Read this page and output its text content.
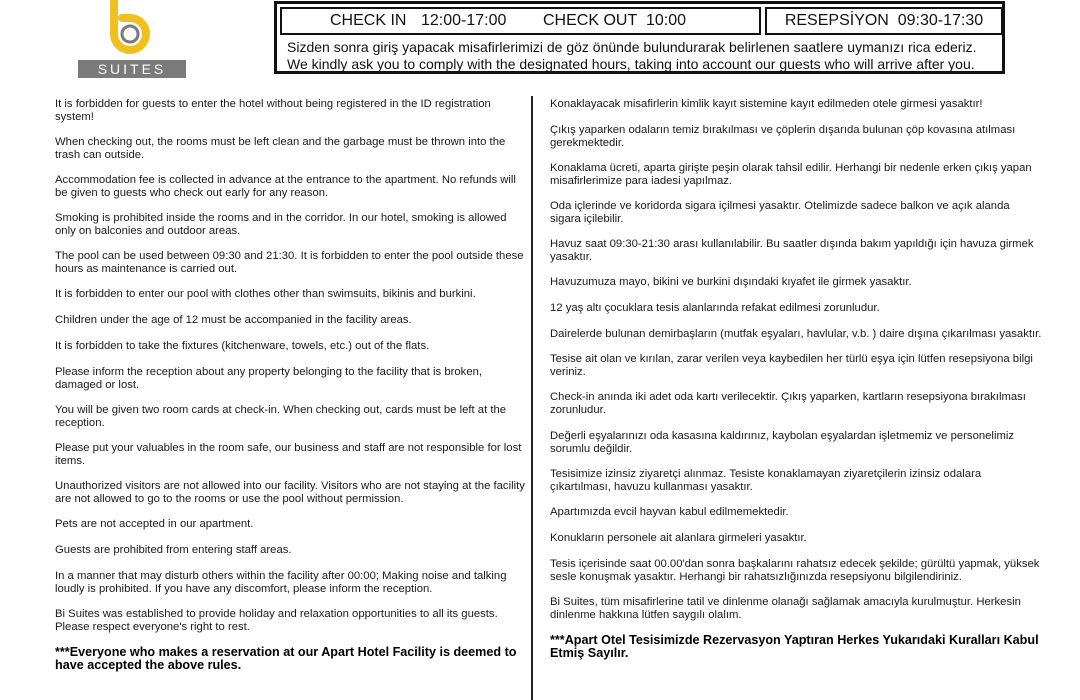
SUITES
CHECK IN 12:00-17:00 CHECK OUT 10:00	RESEPSİYON 09:30-17:30
Sizden sonra giriş yapacak misafirlerimizi de göz önünde bulundurarak belirlenen saatlere uymanızı rica ederiz.
We kindly ask you to comply with the designated hours, taking into account our guests who will arrive after you.

It is forbidden for guests to enter the hotel without being registered in the ID registration system!

When checking out, the rooms must be left clean and the garbage must be thrown into the trash can outside.

Accommodation fee is collected in advance at the entrance to the apartment. No refunds will be given to guests who check out early for any reason.

Smoking is prohibited inside the rooms and in the corridor. In our hotel, smoking is allowed only on balconies and outdoor areas.

The pool can be used between 09:30 and 21:30. It is forbidden to enter the pool outside these hours as maintenance is carried out.

It is forbidden to enter our pool with clothes other than swimsuits, bikinis and burkini.

Children under the age of 12 must be accompanied in the facility areas.

It is forbidden to take the fixtures (kitchenware, towels, etc.) out of the flats.

Please inform the reception about any property belonging to the facility that is broken, damaged or lost.

You will be given two room cards at check-in. When checking out, cards must be left at the reception.

Please put your valuables in the room safe, our business and staff are not responsible for lost items.

Unauthorized visitors are not allowed into our facility. Visitors who are not staying at the facility are not allowed to go to the rooms or use the pool without permission.

Pets are not accepted in our apartment.

Guests are prohibited from entering staff areas.

In a manner that may disturb others within the facility after 00:00; Making noise and talking loudly is prohibited. If you have any discomfort, please inform the reception.

Bi Suites was established to provide holiday and relaxation opportunities to all its guests. Please respect everyone's right to rest.

***Everyone who makes a reservation at our Apart Hotel Facility is deemed to have accepted the above rules.

Konaklayacak misafirlerin kimlik kayıt sistemine kayıt edilmeden otele girmesi yasaktır!

Çıkış yaparken odaların temiz bırakılması ve çöplerin dışarıda bulunan çöp kovasına atılması gerekmektedir.

Konaklama ücreti, aparta girişte peşin olarak tahsil edilir. Herhangi bir nedenle erken çıkış yapan misafirlerimize para iadesi yapılmaz.

Oda içlerinde ve koridorda sigara içilmesi yasaktır. Otelimizde sadece balkon ve açık alanda sigara içilebilir.

Havuz saat 09:30-21:30 arası kullanılabilir. Bu saatler dışında bakım yapıldığı için havuza girmek yasaktır.

Havuzumuza mayo, bikini ve burkini dışındaki kıyafet ile girmek yasaktır.

12 yaş altı çocuklara tesis alanlarında refakat edilmesi zorunludur.

Dairelerde bulunan demirbaşların (mutfak eşyaları, havlular, v.b. ) daire dışına çıkarılması yasaktır.

Tesise ait olan ve kırılan, zarar verilen veya kaybedilen her türlü eşya için lütfen resepsiyona bilgi veriniz.

Check-in anında iki adet oda kartı verilecektir. Çıkış yaparken, kartların resepsiyona bırakılması zorunludur.

Değerli eşyalarınızı oda kasasına kaldırınız, kaybolan eşyalardan işletmemiz ve personelimiz sorumlu değildir.

Tesisimize izinsiz ziyaretçi alınmaz. Tesiste konaklamayan ziyaretçilerin izinsiz odalara çıkartılması, havuzu kullanması yasaktır.

Apartımızda evcil hayvan kabul edilmemektedir.

Konukların personele ait alanlara girmeleri yasaktır.

Tesis içerisinde saat 00.00'dan sonra başkalarını rahatsız edecek şekilde; gürültü yapmak, yüksek sesle konuşmak yasaktır. Herhangi bir rahatsızlığınızda resepsiyonu bilgilendiriniz.

Bi Suites, tüm misafirlerine tatil ve dinlenme olanağı sağlamak amacıyla kurulmuştur. Herkesin dinlenme hakkına lütfen saygılı olalım.

***Apart Otel Tesisimizde Rezervasyon Yaptıran Herkes Yukarıdaki Kuralları Kabul Etmiş Sayılır.
